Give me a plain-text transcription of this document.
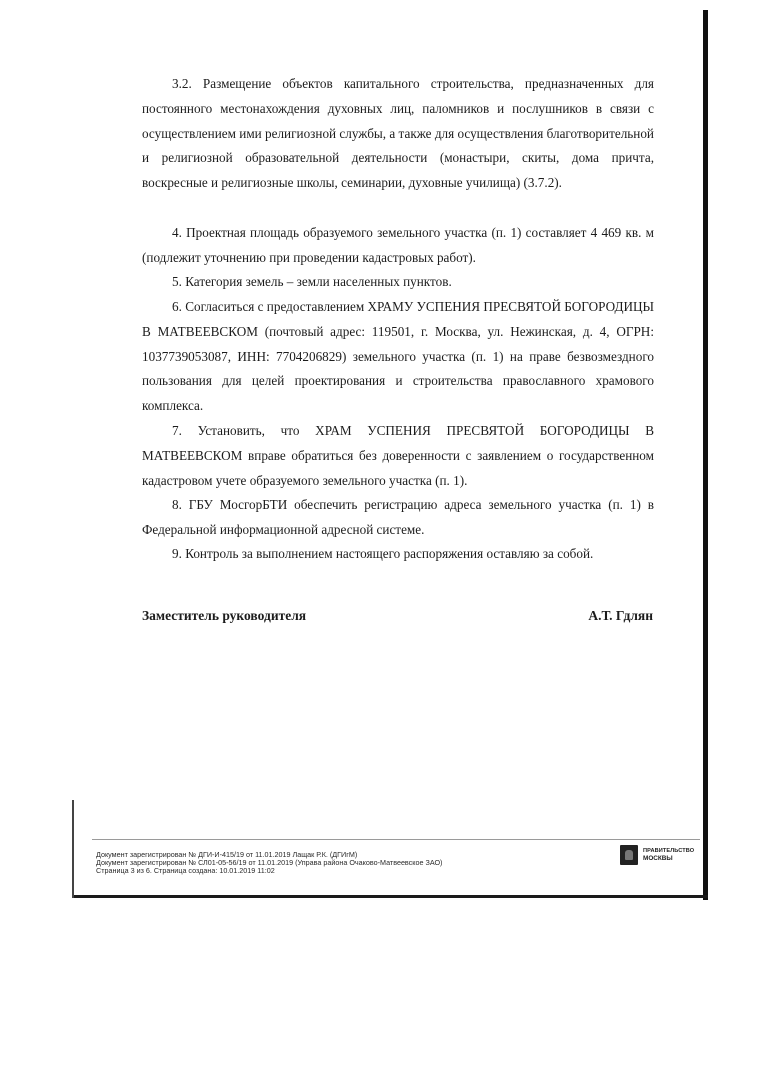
3.2. Размещение объектов капитального строительства, предназначенных для постоянного местонахождения духовных лиц, паломников и послушников в связи с осуществлением ими религиозной службы, а также для осуществления благотворительной и религиозной образовательной деятельности (монастыри, скиты, дома причта, воскресные и религиозные школы, семинарии, духовные училища) (3.7.2).

4. Проектная площадь образуемого земельного участка (п. 1) составляет 4 469 кв. м (подлежит уточнению при проведении кадастровых работ).

5. Категория земель – земли населенных пунктов.

6. Согласиться с предоставлением ХРАМУ УСПЕНИЯ ПРЕСВЯТОЙ БОГОРОДИЦЫ В МАТВЕЕВСКОМ (почтовый адрес: 119501, г. Москва, ул. Нежинская, д. 4, ОГРН: 1037739053087, ИНН: 7704206829) земельного участка (п. 1) на праве безвозмездного пользования для целей проектирования и строительства православного храмового комплекса.

7. Установить, что ХРАМ УСПЕНИЯ ПРЕСВЯТОЙ БОГОРОДИЦЫ В МАТВЕЕВСКОМ вправе обратиться без доверенности с заявлением о государственном кадастровом учете образуемого земельного участка (п. 1).

8. ГБУ МосгорБТИ обеспечить регистрацию адреса земельного участка (п. 1) в Федеральной информационной адресной системе.

9. Контроль за выполнением настоящего распоряжения оставляю за собой.

Заместитель руководителя	А.Т. Гдлян

Документ зарегистрирован № ДГИ-И-415/19 от 11.01.2019 Лащак Р.К. (ДГИгМ)
Документ зарегистрирован № СЛ01-05-56/19 от 11.01.2019 (Управа района Очаково-Матвеевское ЗАО)
Страница 3 из 6. Страница создана: 10.01.2019 11:02
ПРАВИТЕЛЬСТВО
МОСКВЫ
